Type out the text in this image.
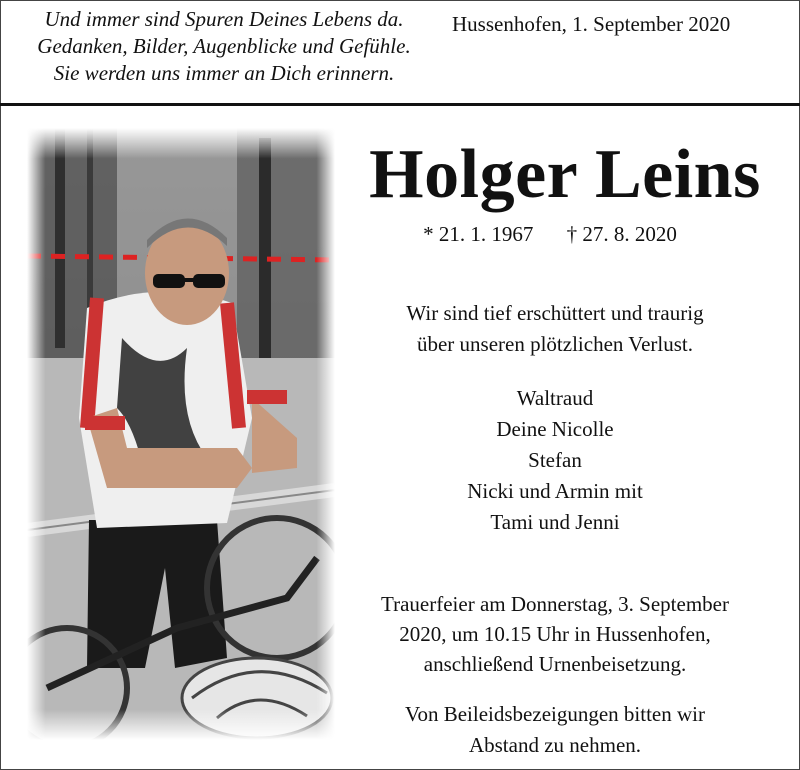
Und immer sind Spuren Deines Lebens da.
Gedanken, Bilder, Augenblicke und Gefühle.
Sie werden uns immer an Dich erinnern.
Hussenhofen, 1. September 2020
Holger Leins
* 21. 1. 1967 † 27. 8. 2020
Wir sind tief erschüttert und traurig
über unseren plötzlichen Verlust.
Waltraud
Deine Nicolle
Stefan
Nicki und Armin mit
Tami und Jenni
Trauerfeier am Donnerstag, 3. September
2020, um 10.15 Uhr in Hussenhofen,
anschließend Urnenbeisetzung.
Von Beileidsbezeigungen bitten wir
Abstand zu nehmen.
